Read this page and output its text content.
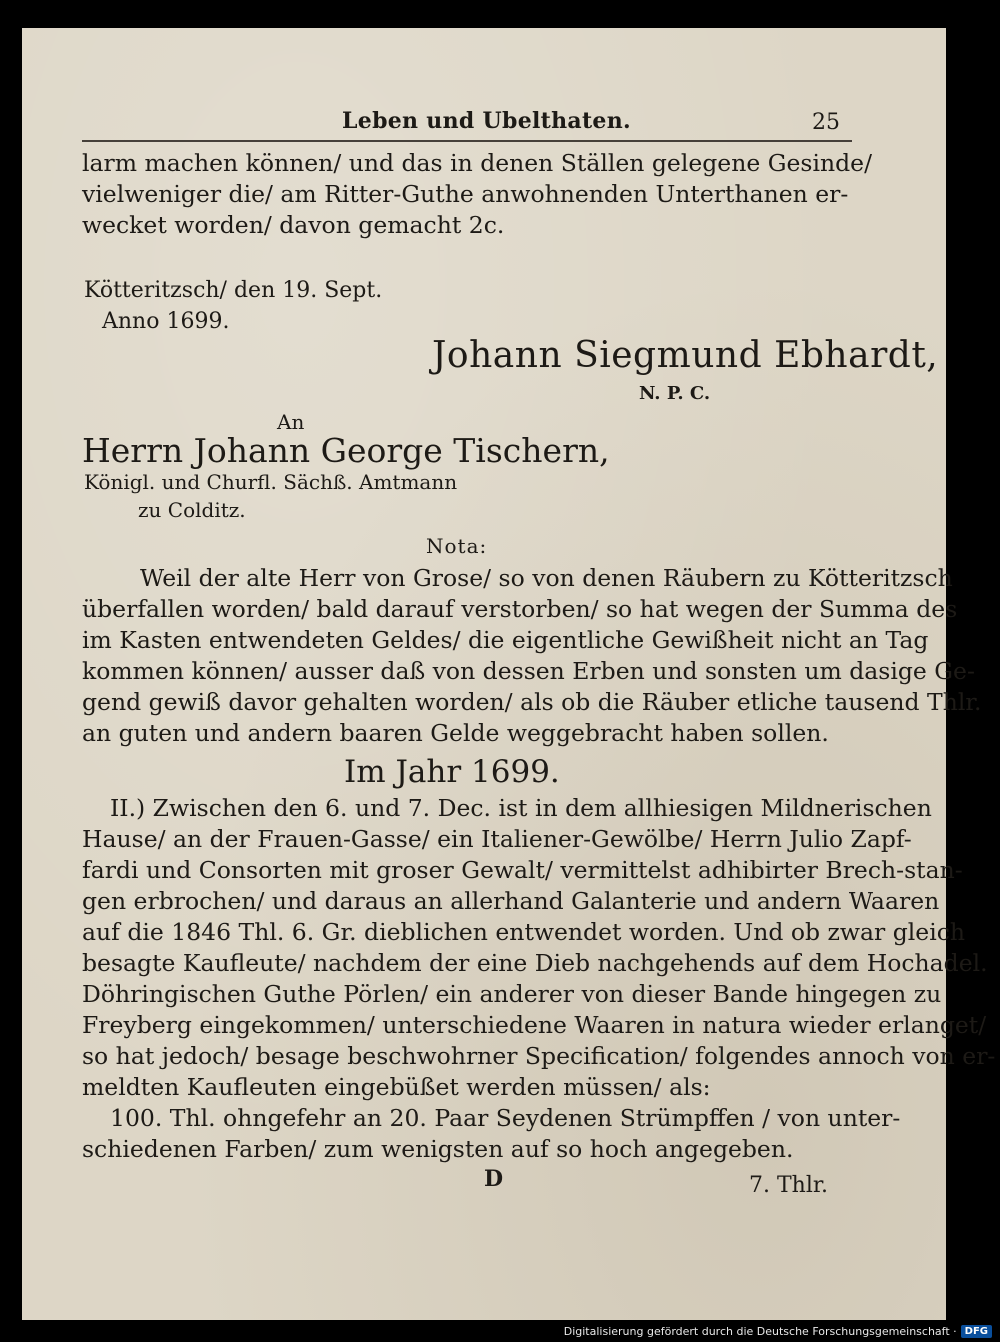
Leben und Ubelthaten.	25
larm machen können/ und das in denen Ställen gelegene Gesinde/
vielweniger die/ am Ritter-Guthe anwohnenden Unterthanen er-
wecket worden/ davon gemacht 2c.
Kötteritzsch/ den 19. Sept.
Anno 1699.
Johann Siegmund Ebhardt,
N. P. C.
An
Herrn Johann George Tischern,
Königl. und Churfl. Sächß. Amtmann
zu Colditz.
Nota:
Weil der alte Herr von Grose/ so von denen Räubern zu Kötteritzsch
überfallen worden/ bald darauf verstorben/ so hat wegen der Summa des
im Kasten entwendeten Geldes/ die eigentliche Gewißheit nicht an Tag
kommen können/ ausser daß von dessen Erben und sonsten um dasige Ge-
gend gewiß davor gehalten worden/ als ob die Räuber etliche tausend Thlr.
an guten und andern baaren Gelde weggebracht haben sollen.
Im Jahr 1699.
II.) Zwischen den 6. und 7. Dec. ist in dem allhiesigen Mildnerischen
Hause/ an der Frauen-Gasse/ ein Italiener-Gewölbe/ Herrn Julio Zapf-
fardi und Consorten mit groser Gewalt/ vermittelst adhibirter Brech-stan-
gen erbrochen/ und daraus an allerhand Galanterie und andern Waaren
auf die 1846 Thl. 6. Gr. dieblichen entwendet worden. Und ob zwar gleich
besagte Kaufleute/ nachdem der eine Dieb nachgehends auf dem Hochadel.
Döhringischen Guthe Pörlen/ ein anderer von dieser Bande hingegen zu
Freyberg eingekommen/ unterschiedene Waaren in natura wieder erlanget/
so hat jedoch/ besage beschwohrner Specification/ folgendes annoch von er-
meldten Kaufleuten eingebüßet werden müssen/ als:
100. Thl. ohngefehr an 20. Paar Seydenen Strümpffen / von unter-
schiedenen Farben/ zum wenigsten auf so hoch angegeben.
D	7. Thlr.
Digitalisierung gefördert durch die Deutsche Forschungsgemeinschaft · DFG
